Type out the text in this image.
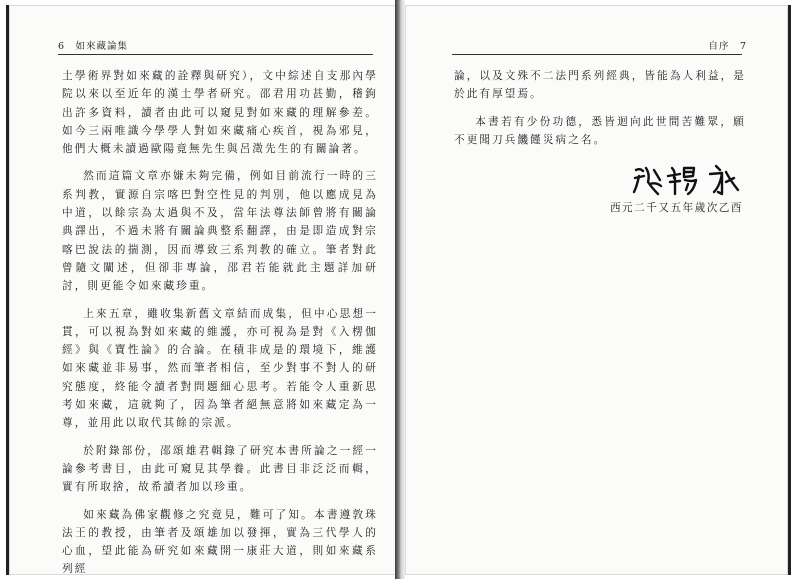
6　如來藏論集	自序　7

土學術界對如來藏的詮釋與研究），文中綜述自支那內學院以來以至近年的漢土學者研究。邵君用功甚勤，稽鉤出許多資料，讀者由此可以窺見對如來藏的理解參差。如今三兩唯識今學學人對如來藏痛心疾首，視為邪見，他們大概未讀過歐陽竟無先生與呂澂先生的有關論著。

然而這篇文章亦嫌未夠完備，例如目前流行一時的三系判教，實源自宗喀巴對空性見的判別，他以應成見為中道，以餘宗為太過與不及，當年法尊法師曾將有關論典譯出，不過未將有關論典整系翻譯，由是即造成對宗喀巴說法的揣測，因而導致三系判教的確立。筆者對此曾隨文闡述，但卻非專論，邵君若能就此主題詳加研討，則更能令如來藏珍重。

上來五章，雖收集新舊文章結而成集，但中心思想一貫，可以視為對如來藏的維護，亦可視為是對《入楞伽經》與《寶性論》的合論。在積非成是的環境下，維護如來藏並非易事，然而筆者相信，至少對事不對人的研究態度，終能令讀者對問題細心思考。若能令人重新思考如來藏，這就夠了，因為筆者絕無意將如來藏定為一尊，並用此以取代其餘的宗派。

於附錄部份，邵頌雄君輯錄了研究本書所論之一經一論參考書目，由此可窺見其學養。此書目非泛泛而輯，實有所取捨，故希讀者加以珍重。

如來藏為佛家觀修之究竟見，難可了知。本書遵敦珠法王的教授，由筆者及頌雄加以發揮，實為三代學人的心血，望此能為研究如來藏開一康莊大道，則如來藏系列經

論，以及文殊不二法門系列經典，皆能為人利益，是於此有厚望焉。

本書若有少份功德，悉皆迴向此世間苦難眾，願不更聞刀兵饑饉災病之名。

西元二千又五年歲次乙酉
